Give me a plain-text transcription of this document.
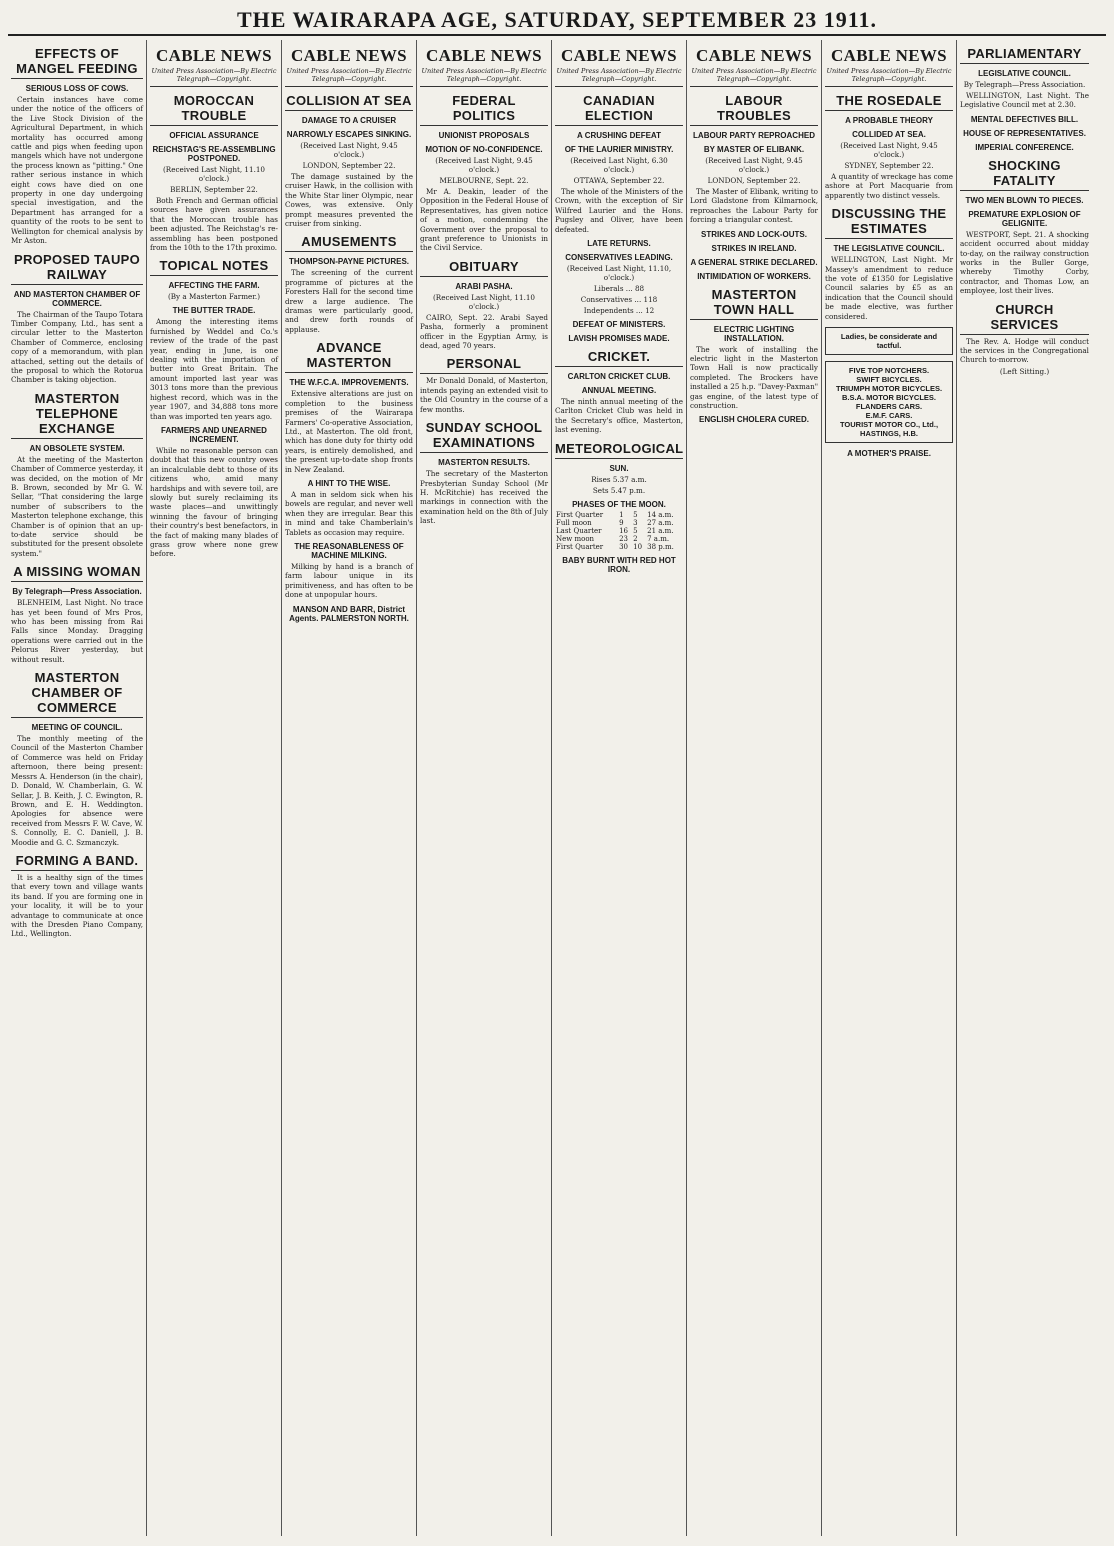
THE WAIRARAPA AGE, SATURDAY, SEPTEMBER 23 1911.
EFFECTS OF MANGEL FEEDING
SERIOUS LOSS OF COWS.

Certain instances have come under the notice of the officers of the Live Stock Division of the Agricultural Department, in which mortality has occurred among cattle and pigs when feeding upon mangels which have not undergone the process known as "pitting." One rather serious instance in which eight cows have died on one property in one day undergoing special investigation, and the Department has arranged for a quantity of the roots to be sent to Wellington for chemical analysis by Mr Aston.

PROPOSED TAUPO RAILWAY
AND MASTERTON CHAMBER OF COMMERCE.

The Chairman of the Taupo Totara Timber Company, Ltd., has sent a circular letter to the Masterton Chamber of Commerce, enclosing copy of a memorandum, with plan attached, setting out the details of the proposal to which the Rotorua Chamber is taking objection.

MASTERTON TELEPHONE EXCHANGE
AN OBSOLETE SYSTEM.

At the meeting of the Masterton Chamber of Commerce yesterday, it was decided, on the motion of Mr B. Brown, seconded by Mr G. W. Sellar, "That considering the large number of subscribers to the Masterton telephone exchange, this Chamber is of opinion that an up-to-date service should be substituted for the present obsolete system."

A MISSING WOMAN
By Telegraph—Press Association.

BLENHEIM, Last Night. No trace has yet been found of Mrs Pros, who has been missing from Rai Falls since Monday. Dragging operations were carried out in the Pelorus River yesterday, but without result.

MASTERTON CHAMBER OF COMMERCE
MEETING OF COUNCIL.

The monthly meeting of the Council of the Masterton Chamber of Commerce was held on Friday afternoon, there being present: Messrs A. Henderson (in the chair), D. Donald, W. Chamberlain, G. W. Sellar, J. B. Keith, J. C. Ewington, R. Brown, and E. H. Weddington. Apologies for absence were received from Messrs F. W. Cave, W. S. Connolly, E. C. Daniell, J. B. Moodie and G. C. Szmanczyk.

FORMING A BAND.

It is a healthy sign of the times that every town and village wants its band. If you are forming one in your locality, it will be to your advantage to communicate at once with the Dresden Piano Company, Ltd., Wellington.

CABLE NEWS
United Press Association—By Electric Telegraph—Copyright.
MOROCCAN TROUBLE
OFFICIAL ASSURANCE
REICHSTAG'S RE-ASSEMBLING POSTPONED.
(Received Last Night, 11.10 o'clock.)
BERLIN, September 22.

Both French and German official sources have given assurances that the Moroccan trouble has been adjusted. The Reichstag's re-assembling has been postponed from the 10th to the 17th proximo.

TOPICAL NOTES
AFFECTING THE FARM.
(By a Masterton Farmer.)
THE BUTTER TRADE.

Among the interesting items furnished by Weddel and Co.'s review of the trade of the past year, ending in June, is one dealing with the importation of butter into Great Britain. The amount imported last year was 3013 tons more than the previous highest record, which was in the year 1907, and 34,888 tons more than was imported ten years ago.

FARMERS AND UNEARNED INCREMENT.

While no reasonable person can doubt that this new country owes an incalculable debt to those of its citizens who, amid many hardships and with severe toil, are slowly but surely reclaiming its waste places—and unwittingly winning the favour of bringing their country's best benefactors, in the fact of making many blades of grass grow where none grew before.

CABLE NEWS
United Press Association—By Electric Telegraph—Copyright.
COLLISION AT SEA
DAMAGE TO A CRUISER
NARROWLY ESCAPES SINKING.
(Received Last Night, 9.45 o'clock.)
LONDON, September 22.

The damage sustained by the cruiser Hawk, in the collision with the White Star liner Olympic, near Cowes, was extensive. Only prompt measures prevented the cruiser from sinking.

AMUSEMENTS
THOMPSON-PAYNE PICTURES.

The screening of the current programme of pictures at the Foresters Hall for the second time drew a large audience. The dramas were particularly good, and drew forth rounds of applause.

ADVANCE MASTERTON
THE W.F.C.A. IMPROVEMENTS.

Extensive alterations are just on completion to the business premises of the Wairarapa Farmers' Co-operative Association, Ltd., at Masterton. The old front, which has done duty for thirty odd years, is entirely demolished, and the present up-to-date shop fronts in New Zealand.

A HINT TO THE WISE.

A man in seldom sick when his bowels are regular, and never well when they are irregular. Bear this in mind and take Chamberlain's Tablets as occasion may require.

THE REASONABLENESS OF MACHINE MILKING.

Milking by hand is a branch of farm labour unique in its primitiveness, and has often to be done at unpopular hours.

MANSON AND BARR, District Agents. PALMERSTON NORTH.
CABLE NEWS
United Press Association—By Electric Telegraph—Copyright.
FEDERAL POLITICS
UNIONIST PROPOSALS
MOTION OF NO-CONFIDENCE.
(Received Last Night, 9.45 o'clock.)
MELBOURNE, Sept. 22.

Mr A. Deakin, leader of the Opposition in the Federal House of Representatives, has given notice of a motion, condemning the Government over the proposal to grant preference to Unionists in the Civil Service.

OBITUARY
ARABI PASHA.
(Received Last Night, 11.10 o'clock.)

CAIRO, Sept. 22. Arabi Sayed Pasha, formerly a prominent officer in the Egyptian Army, is dead, aged 70 years.

PERSONAL

Mr Donald Donald, of Masterton, intends paying an extended visit to the Old Country in the course of a few months.

SUNDAY SCHOOL EXAMINATIONS
MASTERTON RESULTS.

The secretary of the Masterton Presbyterian Sunday School (Mr H. McRitchie) has received the markings in connection with the examination held on the 8th of July last.

CABLE NEWS
United Press Association—By Electric Telegraph—Copyright.
CANADIAN ELECTION
A CRUSHING DEFEAT
OF THE LAURIER MINISTRY.
(Received Last Night, 6.30 o'clock.)
OTTAWA, September 22.

The whole of the Ministers of the Crown, with the exception of Sir Wilfred Laurier and the Hons. Pugsley and Oliver, have been defeated.

LATE RETURNS.
CONSERVATIVES LEADING.
(Received Last Night, 11.10, o'clock.)
Liberals ... 88
Conservatives ... 118
Independents ... 12
DEFEAT OF MINISTERS.
LAVISH PROMISES MADE.
CRICKET.
CARLTON CRICKET CLUB.
ANNUAL MEETING.

The ninth annual meeting of the Carlton Cricket Club was held in the Secretary's office, Masterton, last evening.

METEOROLOGICAL
SUN.
Rises 5.37 a.m.
Sets 5.47 p.m.
PHASES OF THE MOON.
First Quarter	1	5	14 a.m.
Full moon	9	3	27 a.m.
Last Quarter	16	5	21 a.m.
New moon	23	2	7 a.m.
First Quarter	30	10	38 p.m.
BABY BURNT WITH RED HOT IRON.
CABLE NEWS
United Press Association—By Electric Telegraph—Copyright.
LABOUR TROUBLES
LABOUR PARTY REPROACHED
BY MASTER OF ELIBANK.
(Received Last Night, 9.45 o'clock.)
LONDON, September 22.

The Master of Elibank, writing to Lord Gladstone from Kilmarnock, reproaches the Labour Party for forcing a triangular contest.

STRIKES AND LOCK-OUTS.
STRIKES IN IRELAND.
A GENERAL STRIKE DECLARED.
INTIMIDATION OF WORKERS.
MASTERTON TOWN HALL
ELECTRIC LIGHTING INSTALLATION.

The work of installing the electric light in the Masterton Town Hall is now practically completed. The Brockers have installed a 25 h.p. "Davey-Paxman" gas engine, of the latest type of construction.

ENGLISH CHOLERA CURED.
CABLE NEWS
United Press Association—By Electric Telegraph—Copyright.
THE ROSEDALE
A PROBABLE THEORY
COLLIDED AT SEA.
(Received Last Night, 9.45 o'clock.)
SYDNEY, September 22.

A quantity of wreckage has come ashore at Port Macquarie from apparently two distinct vessels.

DISCUSSING THE ESTIMATES
THE LEGISLATIVE COUNCIL.

WELLINGTON, Last Night. Mr Massey's amendment to reduce the vote of £1350 for Legislative Council salaries by £5 as an indication that the Council should be made elective, was further considered.

Ladies, be considerate and tactful.
FIVE TOP NOTCHERS.
SWIFT BICYCLES.
TRIUMPH MOTOR BICYCLES.
B.S.A. MOTOR BICYCLES.
FLANDERS CARS.
E.M.F. CARS.
TOURIST MOTOR CO., Ltd., HASTINGS, H.B.
A MOTHER'S PRAISE.
PARLIAMENTARY
LEGISLATIVE COUNCIL.
By Telegraph—Press Association.

WELLINGTON, Last Night. The Legislative Council met at 2.30.

MENTAL DEFECTIVES BILL.
HOUSE OF REPRESENTATIVES.
IMPERIAL CONFERENCE.
SHOCKING FATALITY
TWO MEN BLOWN TO PIECES.
PREMATURE EXPLOSION OF GELIGNITE.

WESTPORT, Sept. 21. A shocking accident occurred about midday to-day, on the railway construction works in the Buller Gorge, whereby Timothy Corby, contractor, and Thomas Low, an employee, lost their lives.

CHURCH SERVICES

The Rev. A. Hodge will conduct the services in the Congregational Church to-morrow.

(Left Sitting.)
